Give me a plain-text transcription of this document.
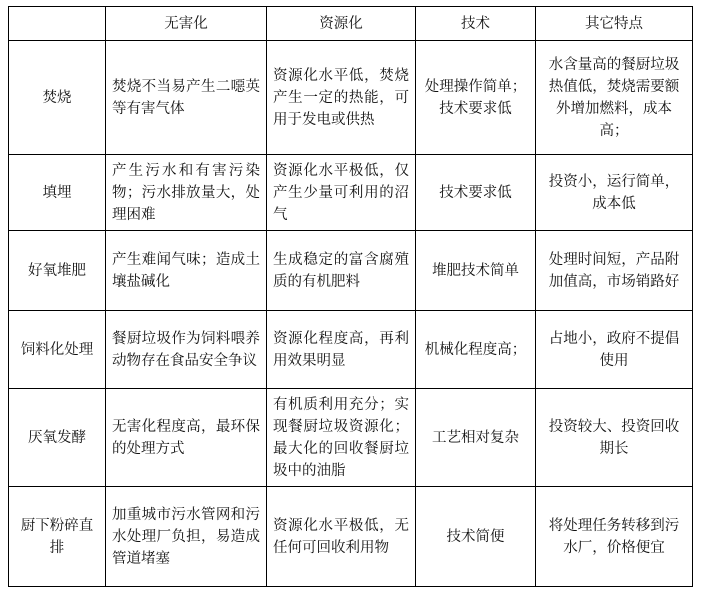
	无害化	资源化	技术	其它特点
焚烧	焚烧不当易产生二噁英等有害气体	资源化水平低，焚烧产生一定的热能，可用于发电或供热	处理操作简单；技术要求低	水含量高的餐厨垃圾热值低，焚烧需要额外增加燃料，成本高；
填埋	产生污水和有害污染物；污水排放量大，处理困难	资源化水平极低，仅产生少量可利用的沼气	技术要求低	投资小，运行简单，成本低
好氧堆肥	产生难闻气味；造成土壤盐碱化	生成稳定的富含腐殖质的有机肥料	堆肥技术简单	处理时间短，产品附加值高，市场销路好
饲料化处理	餐厨垃圾作为饲料喂养动物存在食品安全争议	资源化程度高，再利用效果明显	机械化程度高；	占地小，政府不提倡使用
厌氧发酵	无害化程度高，最环保的处理方式	有机质利用充分；实现餐厨垃圾资源化；最大化的回收餐厨垃圾中的油脂	工艺相对复杂	投资较大、投资回收期长
厨下粉碎直排	加重城市污水管网和污水处理厂负担，易造成管道堵塞	资源化水平极低，无任何可回收利用物	技术简便	将处理任务转移到污水厂，价格便宜
